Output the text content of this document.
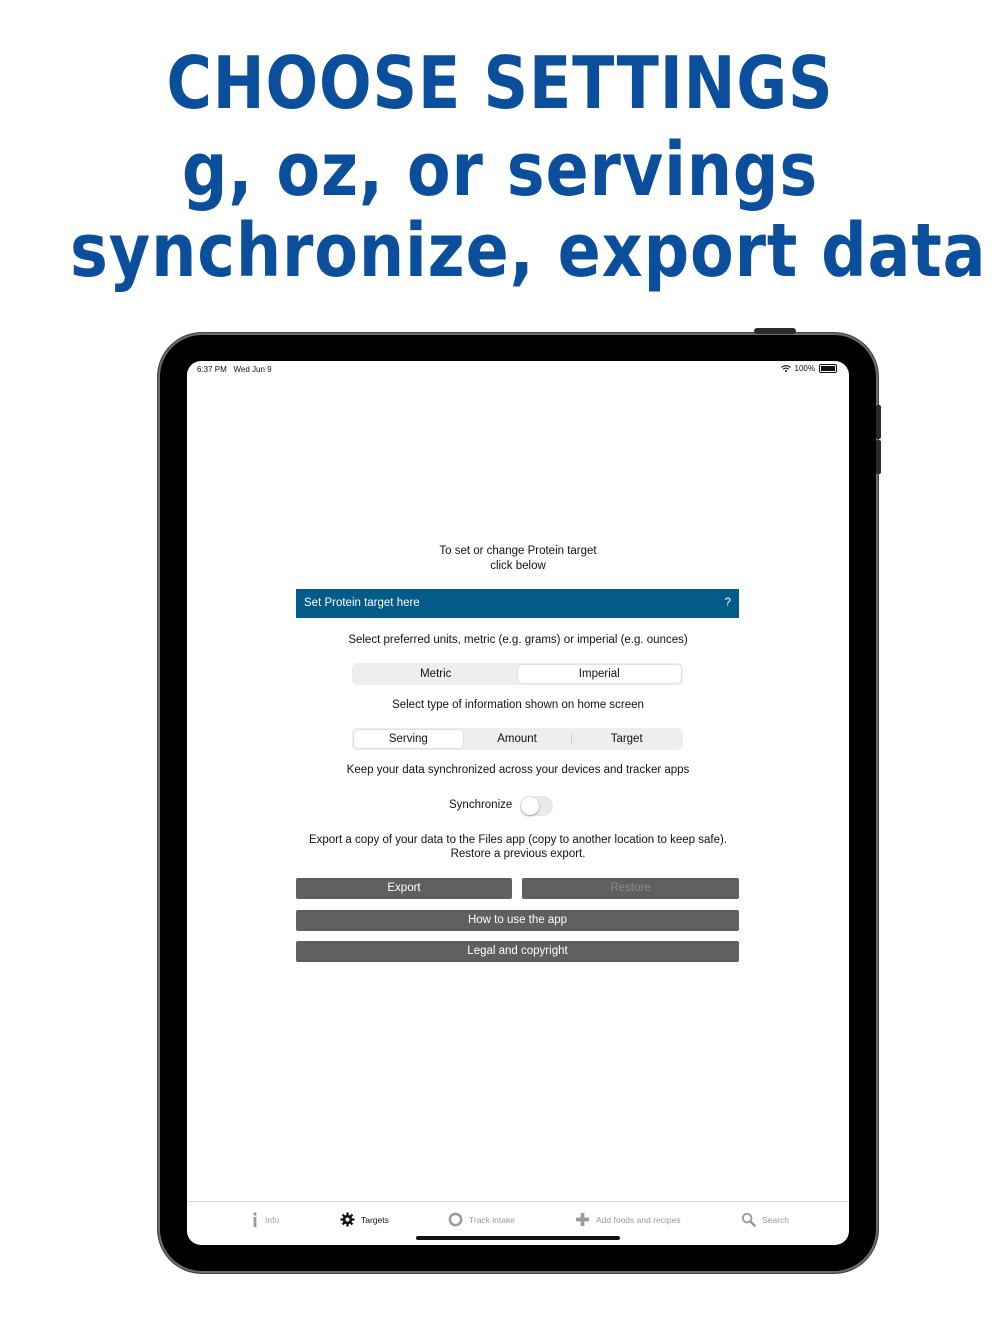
CHOOSE SETTINGS
g, oz, or servings
synchronize, export data
6:37 PM Wed Jun 9	100%
To set or change Protein target
click below
Set Protein target here	?
Select preferred units, metric (e.g. grams) or imperial (e.g. ounces)
Metric	Imperial
Select type of information shown on home screen
Serving	Amount	Target
Keep your data synchronized across your devices and tracker apps
Synchronize
Export a copy of your data to the Files app (copy to another location to keep safe).
Restore a previous export.
Export	Restore
How to use the app
Legal and copyright
Info	Targets	Track intake	Add foods and recipes	Search
